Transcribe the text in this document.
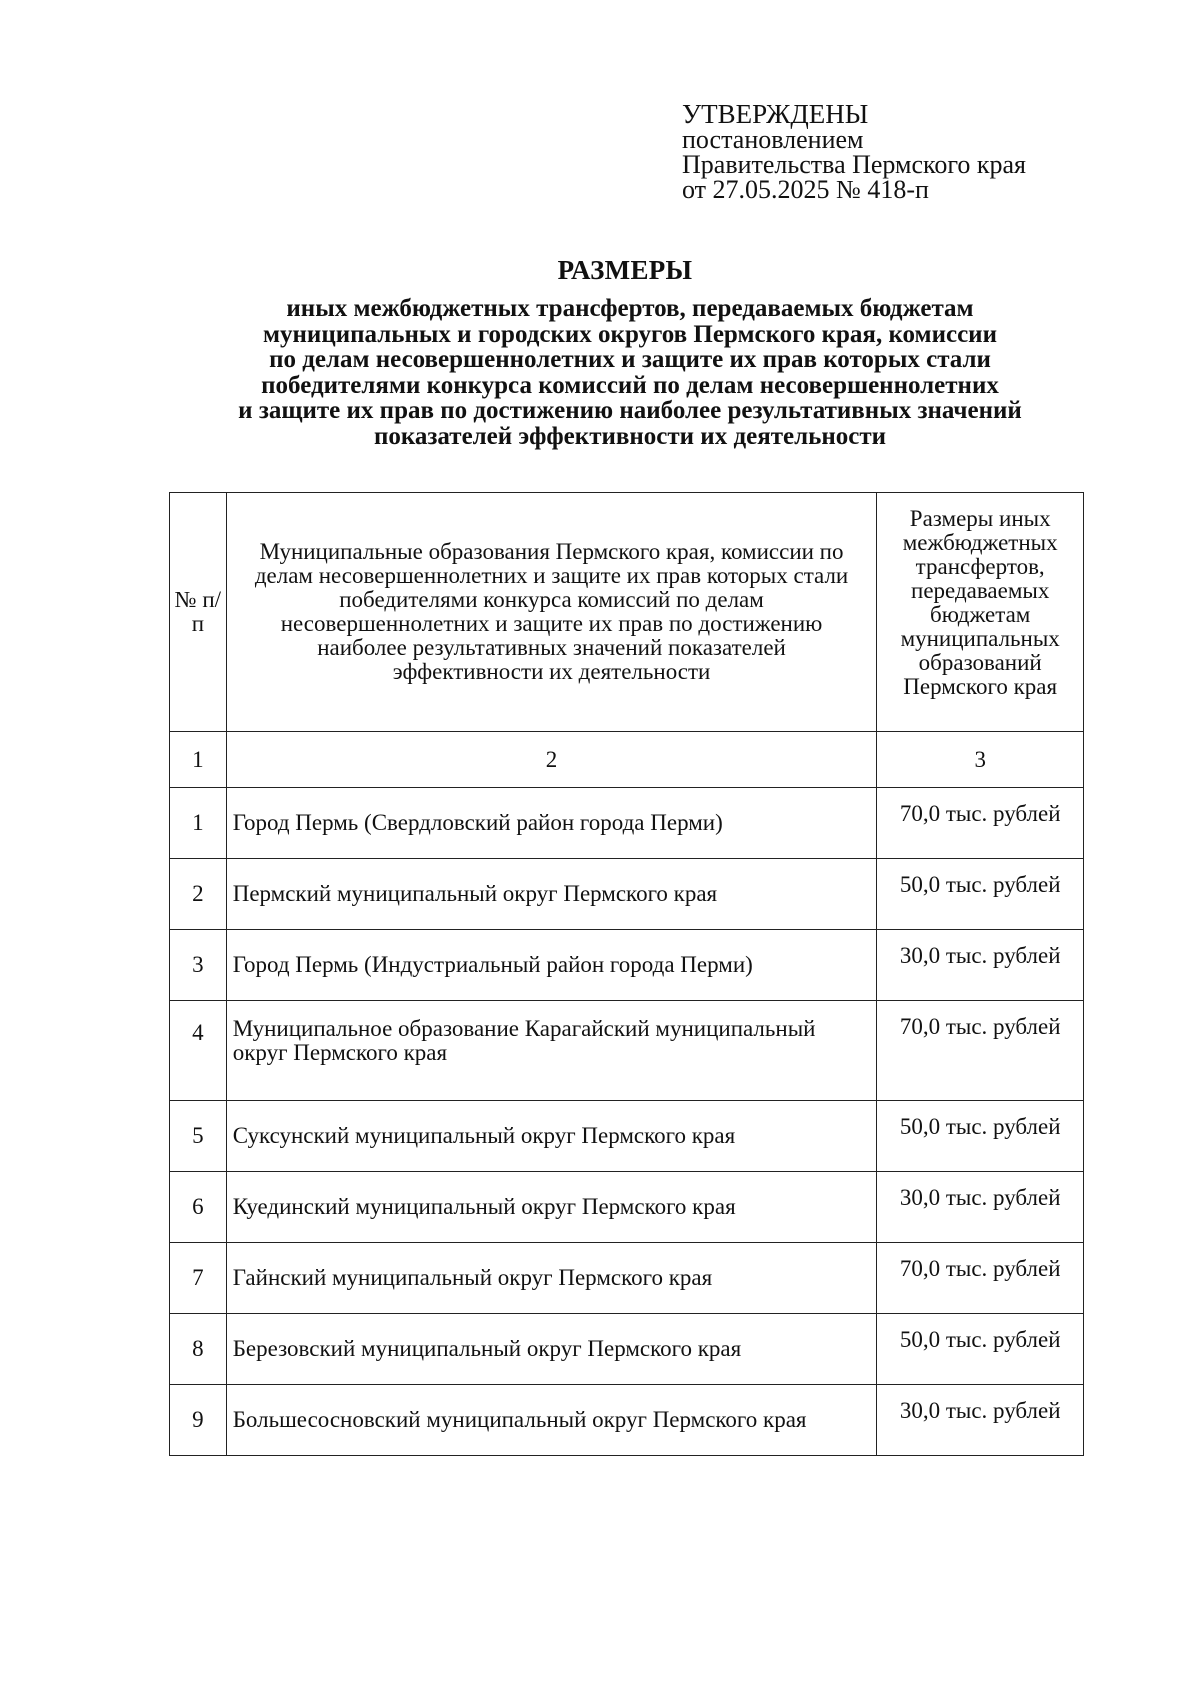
УТВЕРЖДЕНЫ
постановлением
Правительства Пермского края
от 27.05.2025 № 418-п
РАЗМЕРЫ
иных межбюджетных трансфертов, передаваемых бюджетам
муниципальных и городских округов Пермского края, комиссии
по делам несовершеннолетних и защите их прав которых стали
победителями конкурса комиссий по делам несовершеннолетних
и защите их прав по достижению наиболее результативных значений
показателей эффективности их деятельности
№ п/п	Муниципальные образования Пермского края, комиссии по делам несовершеннолетних и защите их прав которых стали победителями конкурса комиссий по делам несовершеннолетних и защите их прав по достижению наиболее результативных значений показателей эффективности их деятельности	Размеры иных межбюджетных трансфертов, передаваемых бюджетам муниципальных образований Пермского края
1	2	3
1	Город Пермь (Свердловский район города Перми)	70,0 тыс. рублей
2	Пермский муниципальный округ Пермского края	50,0 тыс. рублей
3	Город Пермь (Индустриальный район города Перми)	30,0 тыс. рублей
4	Муниципальное образование Карагайский муниципальный округ Пермского края	70,0 тыс. рублей
5	Суксунский муниципальный округ Пермского края	50,0 тыс. рублей
6	Куединский муниципальный округ Пермского края	30,0 тыс. рублей
7	Гайнский муниципальный округ Пермского края	70,0 тыс. рублей
8	Березовский муниципальный округ Пермского края	50,0 тыс. рублей
9	Большесосновский муниципальный округ Пермского края	30,0 тыс. рублей
